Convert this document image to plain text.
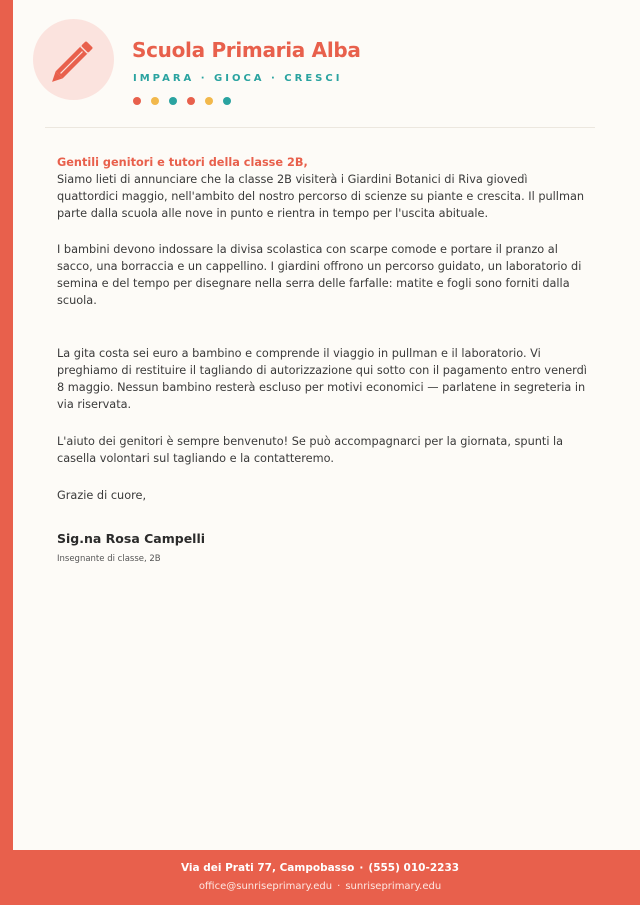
Scuola Primaria Alba
IMPARA · GIOCA · CRESCI

Gentili genitori e tutori della classe 2B,

Siamo lieti di annunciare che la classe 2B visiterà i Giardini Botanici di Riva giovedì quattordici maggio, nell'ambito del nostro percorso di scienze su piante e crescita. Il pullman parte dalla scuola alle nove in punto e rientra in tempo per l'uscita abituale.

I bambini devono indossare la divisa scolastica con scarpe comode e portare il pranzo al sacco, una borraccia e un cappellino. I giardini offrono un percorso guidato, un laboratorio di semina e del tempo per disegnare nella serra delle farfalle: matite e fogli sono forniti dalla scuola.

La gita costa sei euro a bambino e comprende il viaggio in pullman e il laboratorio. Vi preghiamo di restituire il tagliando di autorizzazione qui sotto con il pagamento entro venerdì 8 maggio. Nessun bambino resterà escluso per motivi economici — parlatene in segreteria in via riservata.

L'aiuto dei genitori è sempre benvenuto! Se può accompagnarci per la giornata, spunti la casella volontari sul tagliando e la contatteremo.

Grazie di cuore,

Sig.na Rosa Campelli

Insegnante di classe, 2B

Via dei Prati 77, Campobasso · (555) 010-2233
office@sunriseprimary.edu · sunriseprimary.edu
